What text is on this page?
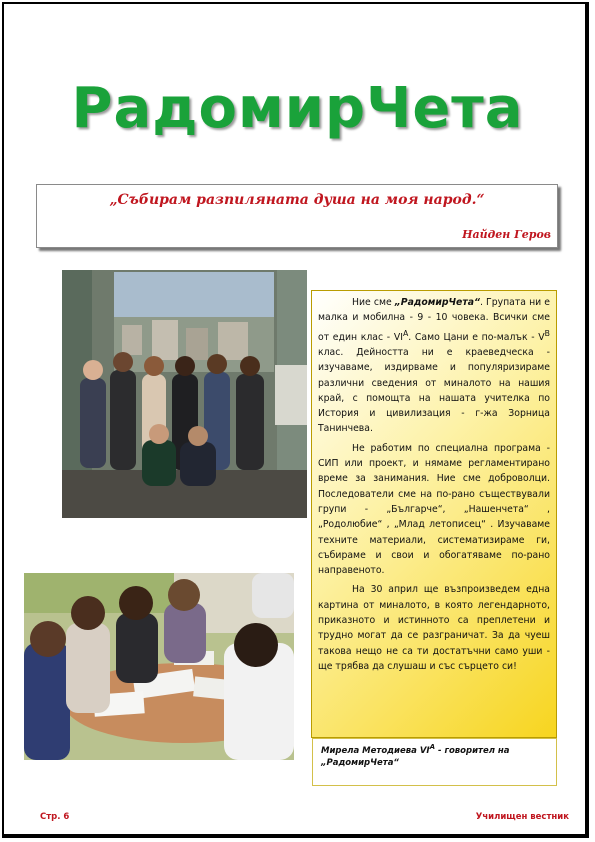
РадомирЧета
„Събирам разпиляната душа на моя народ.“
Найден Геров

Ние сме „РадомирЧета“. Групата ни е малка и мобилна - 9 - 10 човека. Всички сме от един клас - $VI^А$. Само Цани е по-малък - $V^В$ клас. Дейността ни е краеведческа - изучаваме, издирваме и популяризираме различни сведения от миналото на нашия край, с помощта на нашата учителка по История и цивилизация - г-жа Зорница Танинчева.

Не работим по специална програма - СИП или проект, и нямаме регламентирано време за занимания. Ние сме доброволци. Последователи сме на по-рано съществували групи - „Българче“, „Нашенчета“ , „Родолюбие“ , „Млад летописец“ . Изучаваме техните материали, систематизираме ги, събираме и свои и обогатяваме по-рано направеното.

На 30 април ще възпроизведем една картина от миналото, в която легендарното, приказното и истинното са преплетени и трудно могат да се разграничат. За да чуеш такова нещо не са ти достатъчни само уши - ще трябва да слушаш и със сърцето си!

Мирела Методиева $VI^А$ - говорител на
„РадомирЧета“
Стр. 6	Училищен вестник
